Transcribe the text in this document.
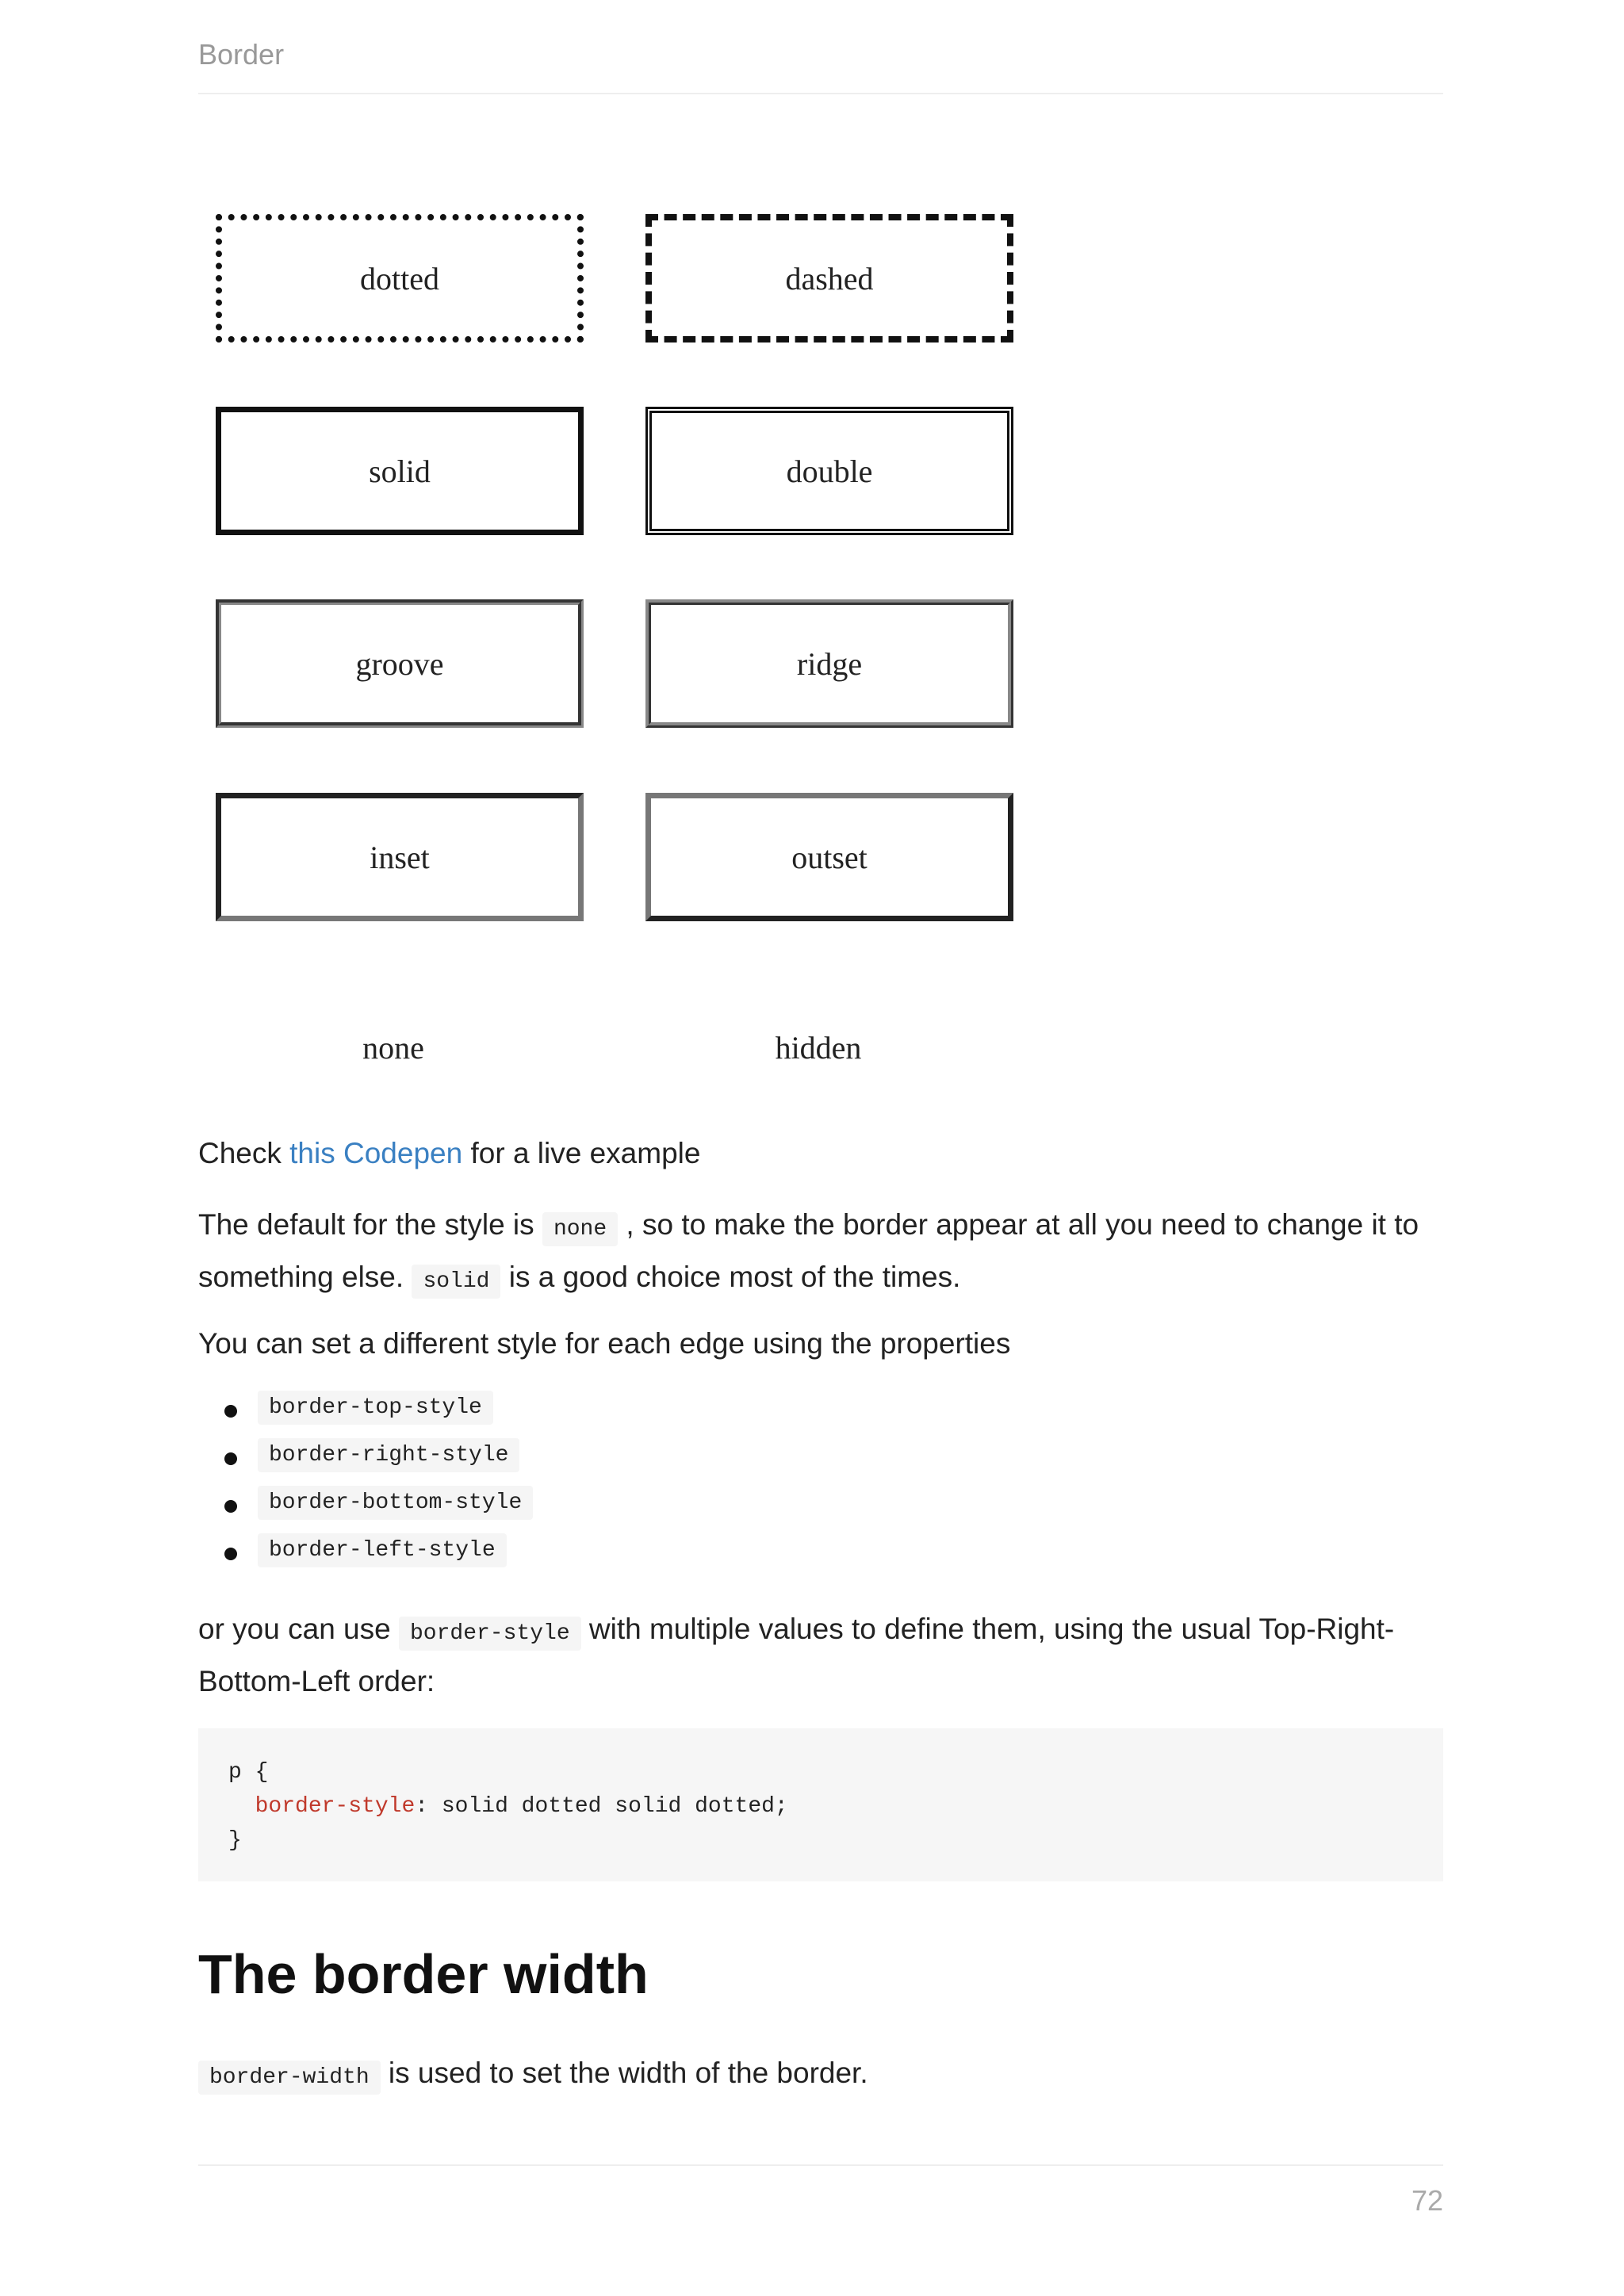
Border
dotted	dashed
solid	double
groove	ridge
inset	outset
none	hidden

Check this Codepen for a live example

The default for the style is none , so to make the border appear at all you need to change it to
something else. solid is a good choice most of the times.

You can set a different style for each edge using the properties

border-top-style
border-right-style
border-bottom-style
border-left-style

or you can use border-style with multiple values to define them, using the usual Top-Right-
Bottom-Left order:

p {
border-style: solid dotted solid dotted;
}
The border width

border-width is used to set the width of the border.

72
